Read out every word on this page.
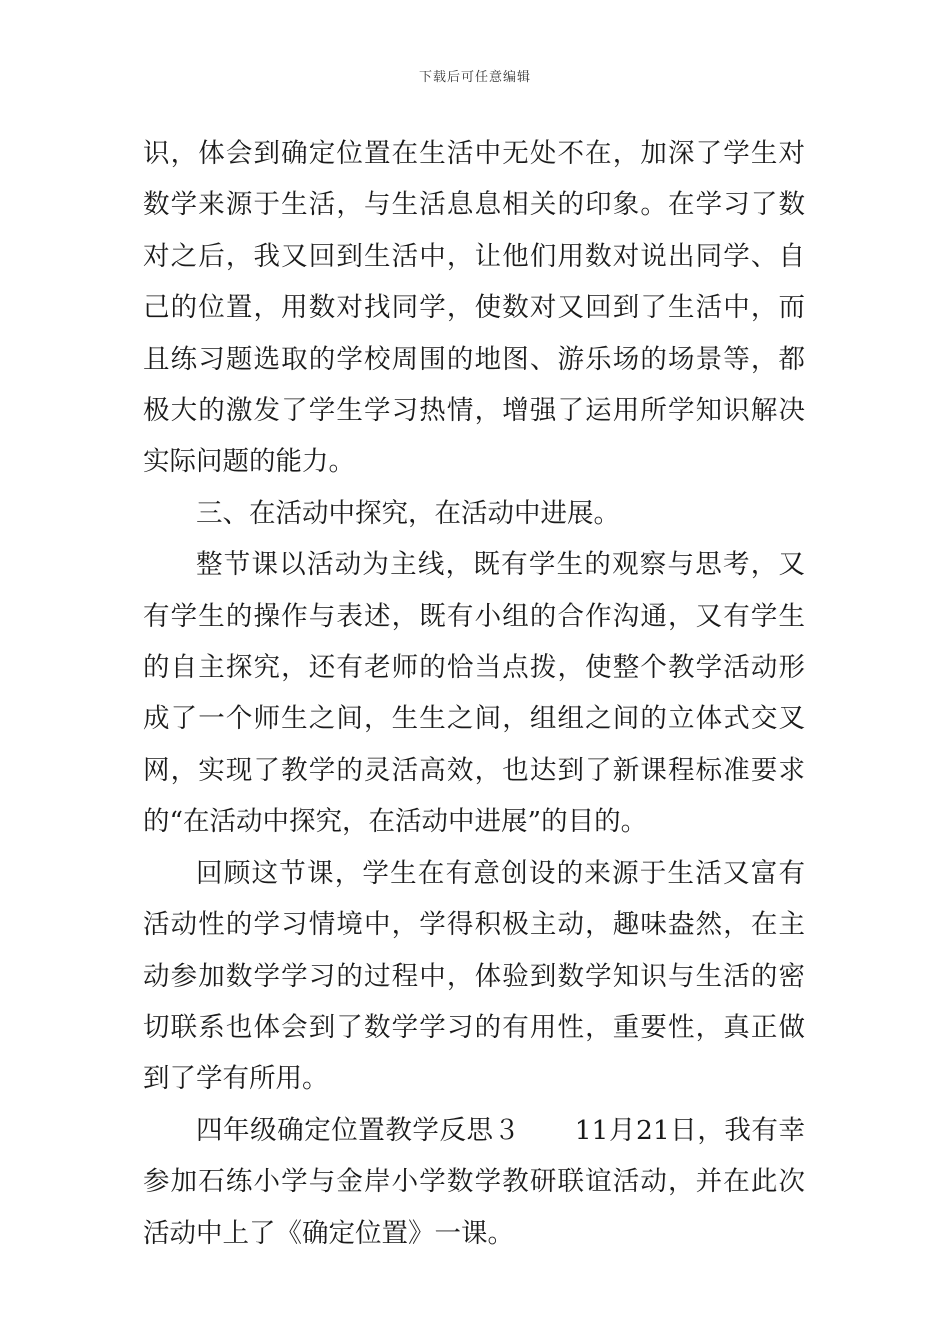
下载后可任意编辑

识，体会到确定位置在生活中无处不在，加深了学生对数学来源于生活，与生活息息相关的印象。在学习了数对之后，我又回到生活中，让他们用数对说出同学、自己的位置，用数对找同学，使数对又回到了生活中，而且练习题选取的学校周围的地图、游乐场的场景等，都极大的激发了学生学习热情，增强了运用所学知识解决实际问题的能力。

三、在活动中探究，在活动中进展。

整节课以活动为主线，既有学生的观察与思考，又有学生的操作与表述，既有小组的合作沟通，又有学生的自主探究，还有老师的恰当点拨，使整个教学活动形成了一个师生之间，生生之间，组组之间的立体式交叉网，实现了教学的灵活高效，也达到了新课程标准要求的“在活动中探究，在活动中进展”的目的。

回顾这节课，学生在有意创设的来源于生活又富有活动性的学习情境中，学得积极主动，趣味盎然，在主动参加数学学习的过程中，体验到数学知识与生活的密切联系也体会到了数学学习的有用性，重要性，真正做到了学有所用。

四年级确定位置教学反思３　　11月21日，我有幸参加石练小学与金岸小学数学教研联谊活动，并在此次活动中上了《确定位置》一课。
